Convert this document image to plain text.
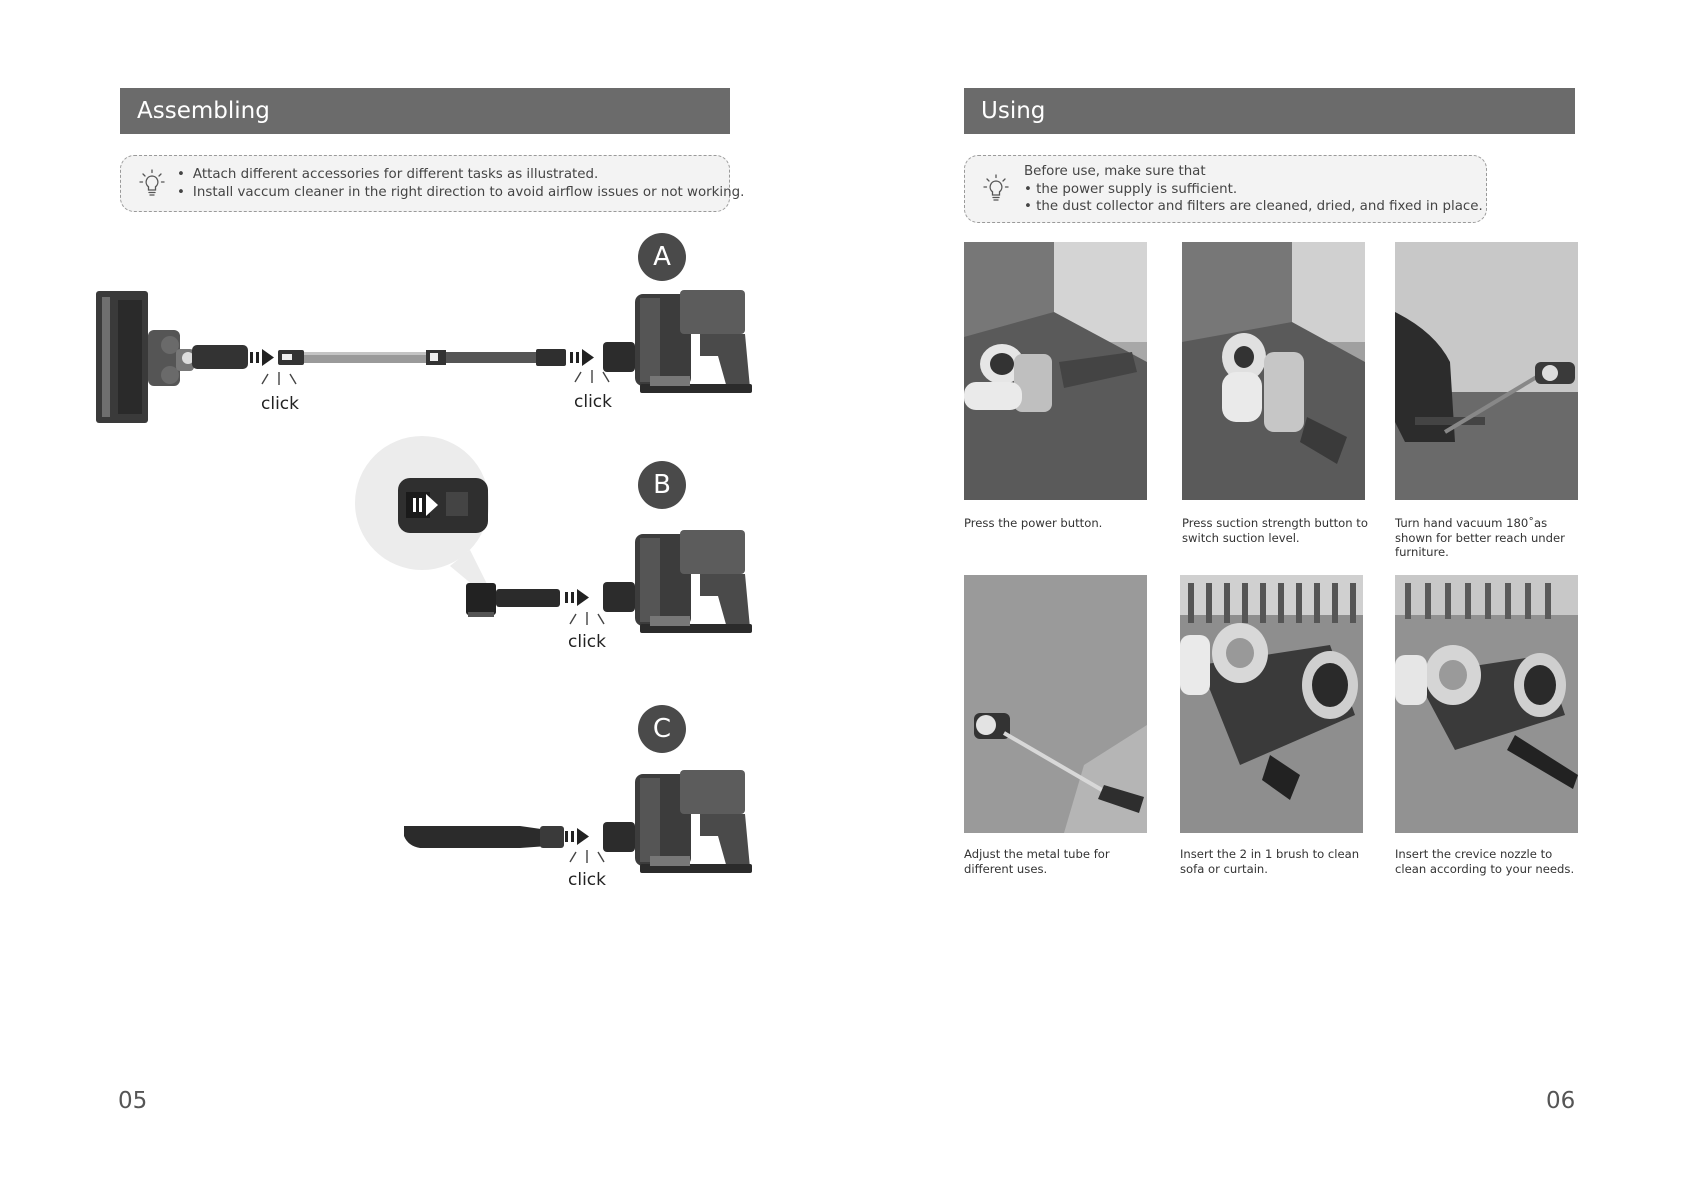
Assembling
• Attach different accessories for different tasks as illustrated.
• Install vaccum cleaner in the right direction to avoid airflow issues or not working.
A
B
C
click	click
click
click
05
Using
Before use, make sure that
• the power supply is sufficient.
• the dust collector and filters are cleaned, dried, and fixed in place.
Press the power button.	Press suction strength button to switch suction level.
Turn hand vacuum 180˚as shown for better reach under furniture.
Adjust the metal tube for different uses.
Insert the 2 in 1 brush to clean sofa or curtain.
Insert the crevice nozzle to clean according to your needs.
06
